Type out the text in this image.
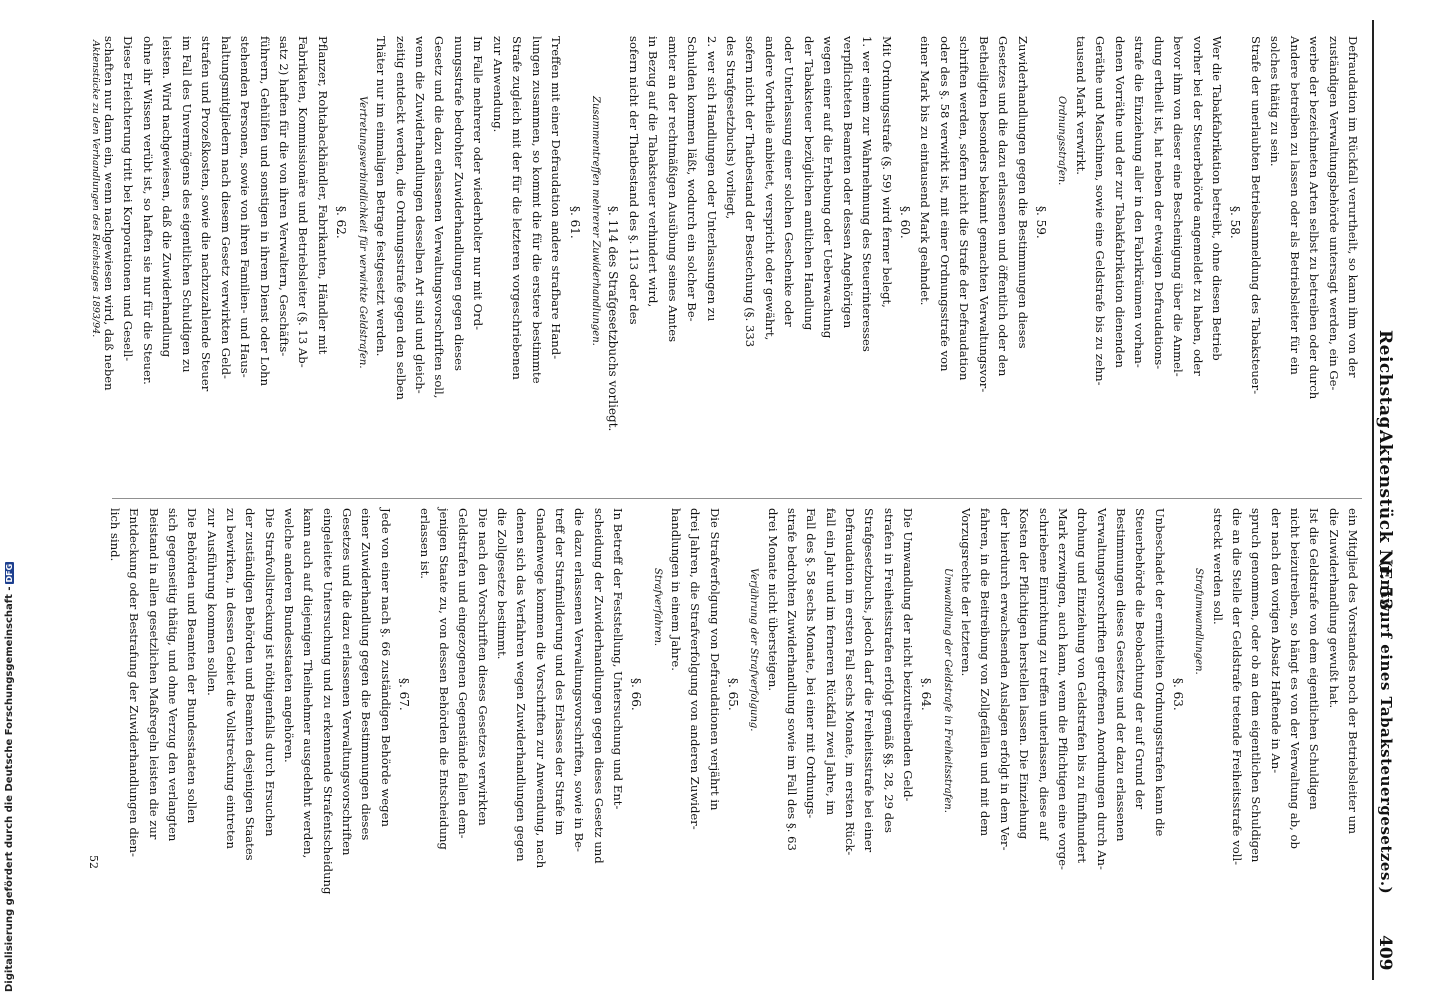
Reichstag.
Aktenstück Nr. 53.
(Entwurf eines Tabaksteuergesetzes.)
409
Defraudation im Rückfall verurtheilt, so kann ihm von der
zuständigen Verwaltungsbehörde untersagt werden, ein Ge-
werbe der bezeichneten Arten selbst zu betreiben oder durch
Andere betreiben zu lassen oder als Betriebsleiter für ein
solches thätig zu sein.
Strafe der unerlaubten Betriebsanmeldung des Tabaksteuer-
§. 58.
Wer die Tabakfabrikation betreibt, ohne diesen Betrieb
vorher bei der Steuerbehörde angemeldet zu haben, oder
bevor ihm von dieser eine Bescheinigung über die Anmel-
dung ertheilt ist, hat neben der etwaigen Defraudations-
strafe die Einziehung aller in den Fabrikräumen vorhan-
denen Vorräthe und der zur Tabakfabrikation dienenden
Geräthe und Maschinen, sowie eine Geldstrafe bis zu zehn-
tausend Mark verwirkt.
Ordnungsstrafen.
§. 59.
Zuwiderhandlungen gegen die Bestimmungen dieses
Gesetzes und die dazu erlassenen und öffentlich oder den
Betheiligten besonders bekannt gemachten Verwaltungsvor-
schriften werden, sofern nicht die Strafe der Defraudation
oder des §. 58 verwirkt ist, mit einer Ordnungsstrafe von
einer Mark bis zu eintausend Mark geahndet.
§. 60.
Mit Ordnungsstrafe (§. 59) wird ferner belegt,
1. wer einem zur Wahrnehmung des Steuerinteresses
verpflichteten Beamten oder dessen Angehörigen
wegen einer auf die Erhebung oder Ueberwachung
der Tabaksteuer bezüglichen amtlichen Handlung
oder Unterlassung einer solchen Geschenke oder
andere Vortheile anbietet, verspricht oder gewährt,
sofern nicht der Thatbestand der Bestechung (§. 333
des Strafgesetzbuchs) vorliegt,
2. wer sich Handlungen oder Unterlassungen zu
Schulden kommen läßt, wodurch ein solcher Be-
amter an der rechtmäßigen Ausübung seines Amtes
in Bezug auf die Tabaksteuer verhindert wird,
sofern nicht der Thatbestand des §. 113 oder des
§. 114 des Strafgesetzbuchs vorliegt.
Zusammentreffen mehrerer Zuwiderhandlungen.
§. 61.
Treffen mit einer Defraudation andere strafbare Hand-
lungen zusammen, so kommt die für die erstere bestimmte
Strafe zugleich mit der für die letzteren vorgeschriebenen
zur Anwendung.
Im Falle mehrerer oder wiederholter nur mit Ord-
nungsstrafe bedrohter Zuwiderhandlungen gegen dieses
Gesetz und die dazu erlassenen Verwaltungsvorschriften soll,
wenn die Zuwiderhandlungen desselben Art sind und gleich-
zeitig entdeckt werden, die Ordnungsstrafe gegen den selben
Thäter nur im einmaligen Betrage festgesetzt werden.
Vertretungsverbindlichkeit für verwirkte Geldstrafen.
§. 62.
Pflanzer, Rohtabackhändler, Fabrikanten, Händler mit
Fabrikaten, Kommissionäre und Betriebsleiter (§. 13 Ab-
satz 2) haften für die von ihren Verwaltern, Geschäfts-
führern, Gehülfen und sonstigen in ihrem Dienst oder Lohn
stehenden Personen, sowie von ihren Familien- und Haus-
haltungsmitgliedern nach diesem Gesetz verwirkten Geld-
strafen und Prozeßkosten, sowie die nachzuzahlende Steuer
im Fall des Unvermögens des eigentlichen Schuldigen zu
leisten. Wird nachgewiesen, daß die Zuwiderhandlung
ohne ihr Wissen verübt ist, so haften sie nur für die Steuer.
Diese Erleichterung tritt bei Korporationen und Gesell-
schaften nur dann ein, wenn nachgewiesen wird, daß neben
ein Mitglied des Vorstandes noch der Betriebsleiter um
die Zuwiderhandlung gewußt hat.
Ist die Geldstrafe von dem eigentlichen Schuldigen
nicht beizutreiben, so hängt es von der Verwaltung ab, ob
der nach den vorigen Absatz Haftende in An-
spruch genommen, oder ob an dem eigentlichen Schuldigen
die an die Stelle der Geldstrafe tretende Freiheitsstrafe voll-
streckt werden soll.
Strafumwandlungen.
§. 63.
Unbeschadet der ermittelten Ordnungsstrafen kann die
Steuerbehörde die Beobachtung der auf Grund der
Bestimmungen dieses Gesetzes und der dazu erlassenen
Verwaltungsvorschriften getroffenen Anordnungen durch An-
drohung und Einziehung von Geldstrafen bis zu fünfhundert
Mark erzwingen, auch kann, wenn die Pflichtigen eine vorge-
schriebene Einrichtung zu treffen unterlassen, diese auf
Kosten der Pflichtigen herstellen lassen. Die Einziehung
der hierdurch erwachsenden Auslagen erfolgt in dem Ver-
fahren, in die Beitreibung von Zollgefällen und mit dem
Vorzugsrechte der letzteren.
Umwandlung der Geldstrafe in Freiheitsstrafen.
§. 64.
Die Umwandlung der nicht beizutreibenden Geld-
strafen in Freiheitsstrafen erfolgt gemäß §§. 28, 29 des
Strafgesetzbuchs, jedoch darf die Freiheitsstrafe bei einer
Defraudation im ersten Fall sechs Monate, im ersten Rück-
fall ein Jahr und im ferneren Rückfall zwei Jahre, im
Fall des §. 58 sechs Monate, bei einer mit Ordnungs-
strafe bedrohten Zuwiderhandlung sowie im Fall des §. 63
drei Monate nicht übersteigen.
Verjährung der Strafverfolgung.
§. 65.
Die Strafverfolgung von Defraudationen verjährt in
drei Jahren, die Strafverfolgung von anderen Zuwider-
handlungen in einem Jahre.
Strafverfahren.
§. 66.
In Betreff der Feststellung, Untersuchung und Ent-
scheidung der Zuwiderhandlungen gegen dieses Gesetz und
die dazu erlassenen Verwaltungsvorschriften, sowie in Be-
treff der Strafmilderung und des Erlasses der Strafe im
Gnadenwege kommen die Vorschriften zur Anwendung, nach
denen sich das Verfahren wegen Zuwiderhandlungen gegen
die Zollgesetze bestimmt.
Die nach den Vorschriften dieses Gesetzes verwirkten
Geldstrafen und eingezogenen Gegenstände fallen dem-
jenigen Staate zu, von dessen Behörden die Entscheidung
erlassen ist.
§. 67.
Jede von einer nach §. 66 zuständigen Behörde wegen
einer Zuwiderhandlung gegen die Bestimmungen dieses
Gesetzes und die dazu erlassenen Verwaltungsvorschriften
eingeleitete Untersuchung und zu erkennende Strafentscheidung
kann auch auf diejenigen Theilnehmer ausgedehnt werden,
welche anderen Bundesstaaten angehören.
Die Strafvollstreckung ist nöthigenfalls durch Ersuchen
der zuständigen Behörden und Beamten desjenigen Staates
zu bewirken, in dessen Gebiet die Vollstreckung eintreten
zur Ausführung kommen sollen.
Die Behörden und Beamten der Bundesstaaten sollen
sich gegenseitig thätig, und ohne Verzug den verlangten
Beistand in allen gesetzlichen Maßregeln leisten die zur
Entdeckung oder Bestrafung der Zuwiderhandlungen dien-
lich sind.
Aktenstücke zu den Verhandlungen des Reichstages 1893/94.
52
Digitalisierung gefördert durch die Deutsche Forschungsgemeinschaft -DFG
